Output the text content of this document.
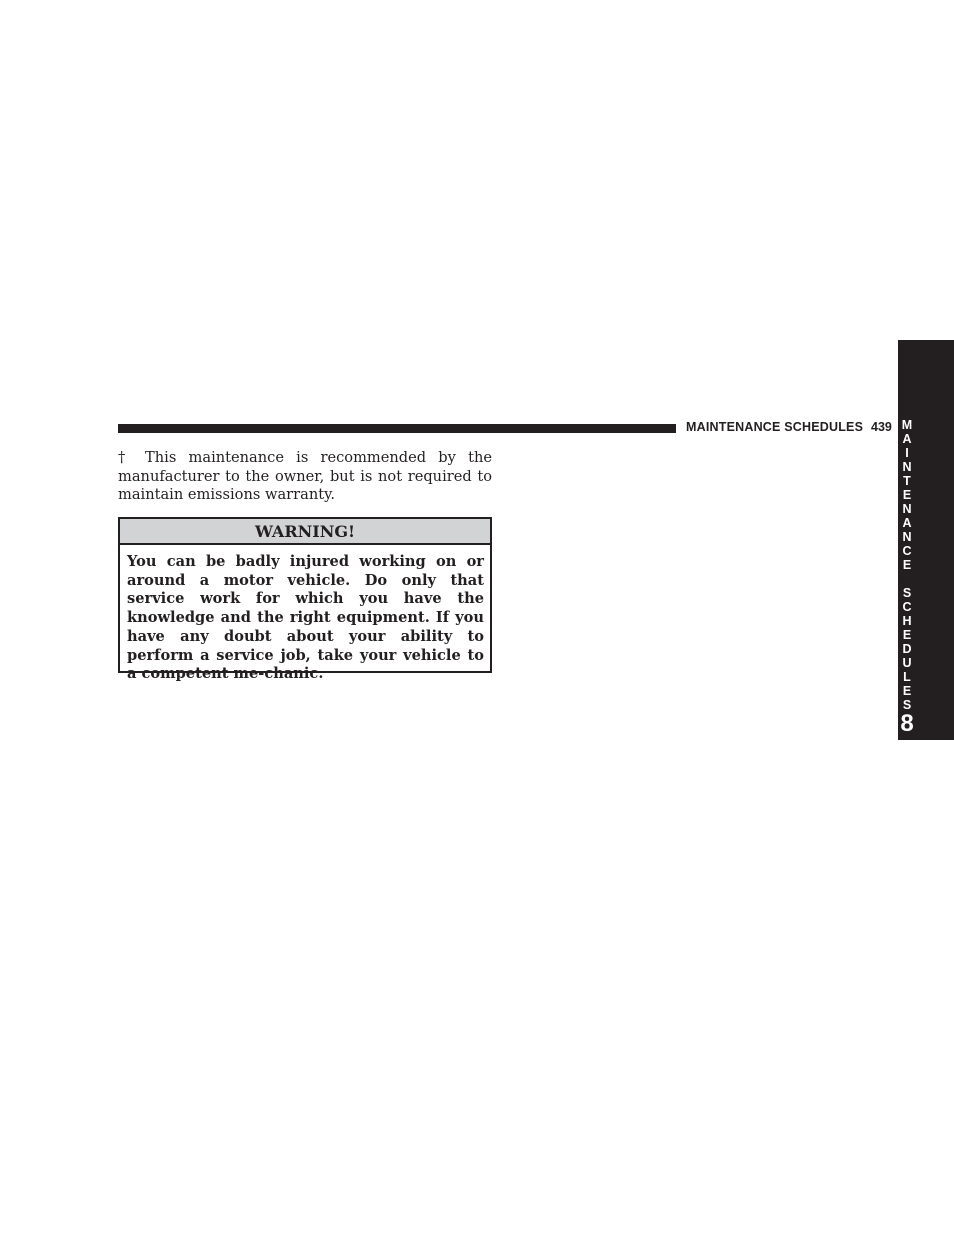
MAINTENANCE SCHEDULES 439 M
A
I
N
T
E
N
A
N
C
E
S
C
H
E
D
U
L
E
S
8

† This maintenance is recommended by the manufacturer to the owner, but is not required to maintain emissions warranty.

WARNING!

You can be badly injured working on or around a motor vehicle. Do only that service work for which you have the knowledge and the right equipment. If you have any doubt about your ability to perform a service job, take your vehicle to a competent me-chanic.
